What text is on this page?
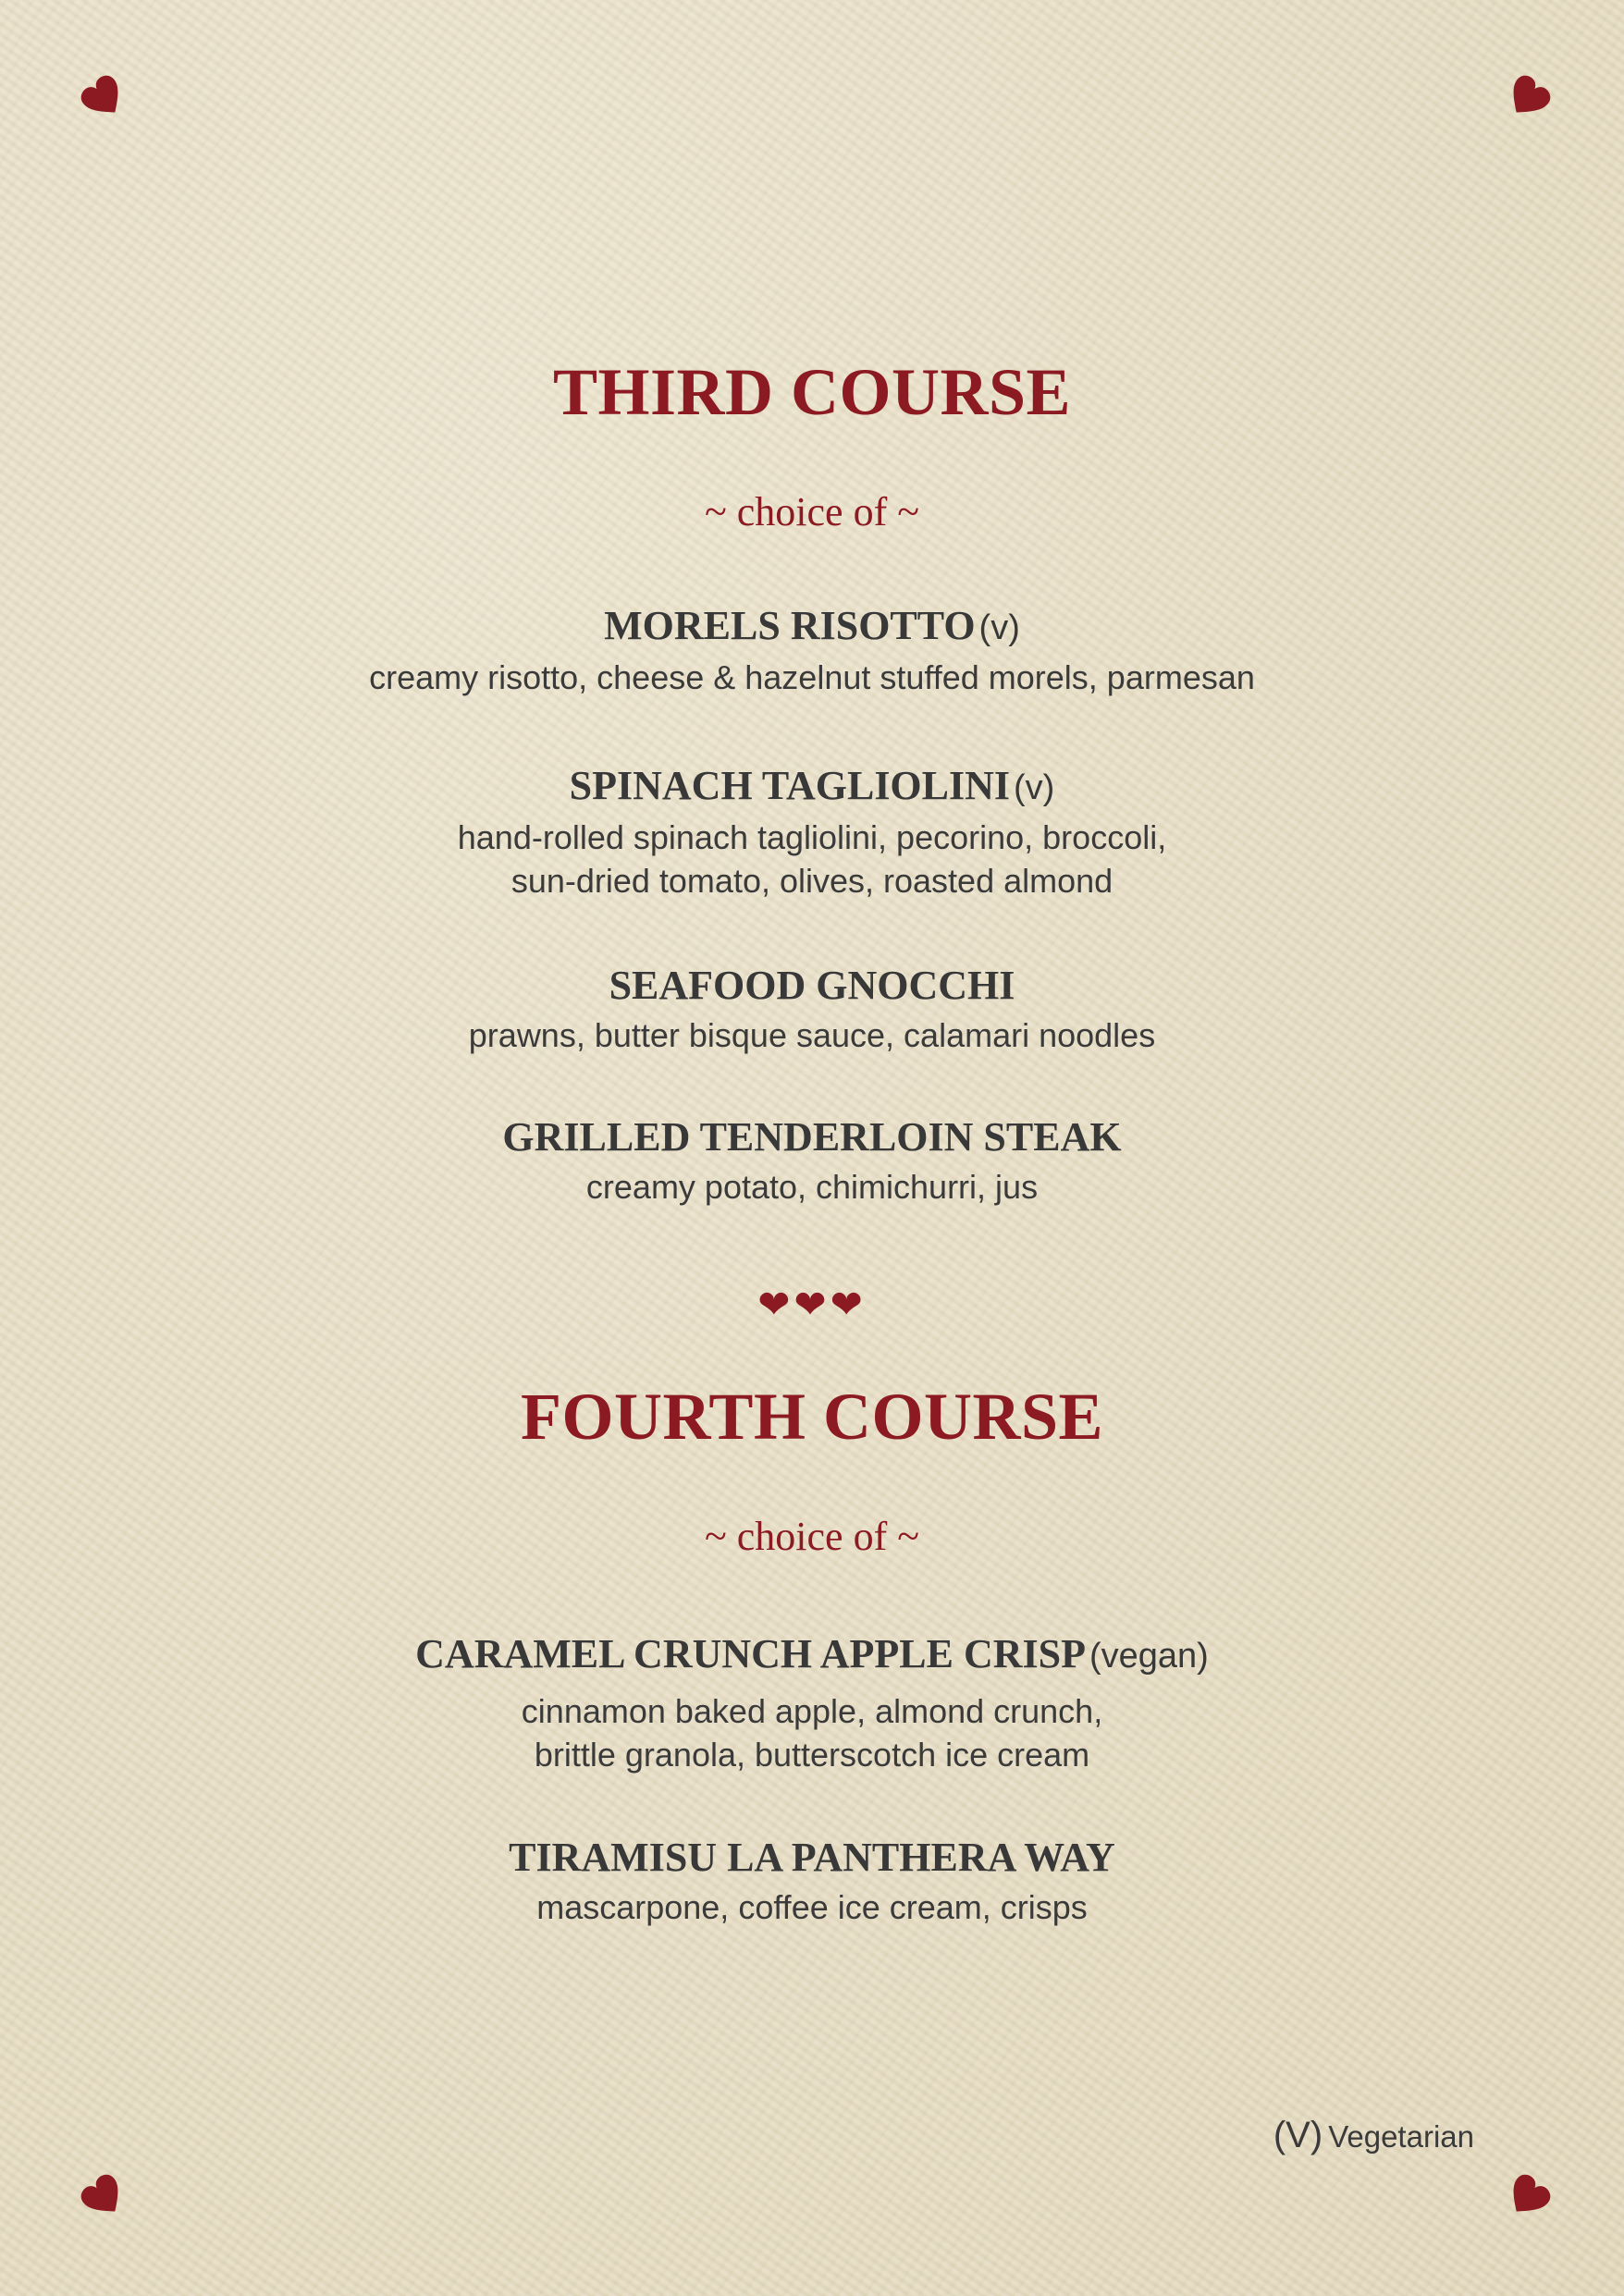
THIRD COURSE
~ choice of ~
MORELS RISOTTO (v)
creamy risotto, cheese & hazelnut stuffed morels, parmesan
SPINACH TAGLIOLINI (v)
hand-rolled spinach tagliolini, pecorino, broccoli,
sun-dried tomato, olives, roasted almond
SEAFOOD GNOCCHI
prawns, butter bisque sauce, calamari noodles
GRILLED TENDERLOIN STEAK
creamy potato, chimichurri, jus
❤❤❤
FOURTH COURSE
~ choice of ~
CARAMEL CRUNCH APPLE CRISP (vegan)
cinnamon baked apple, almond crunch,
brittle granola, butterscotch ice cream
TIRAMISU LA PANTHERA WAY
mascarpone, coffee ice cream, crisps
(V) Vegetarian
